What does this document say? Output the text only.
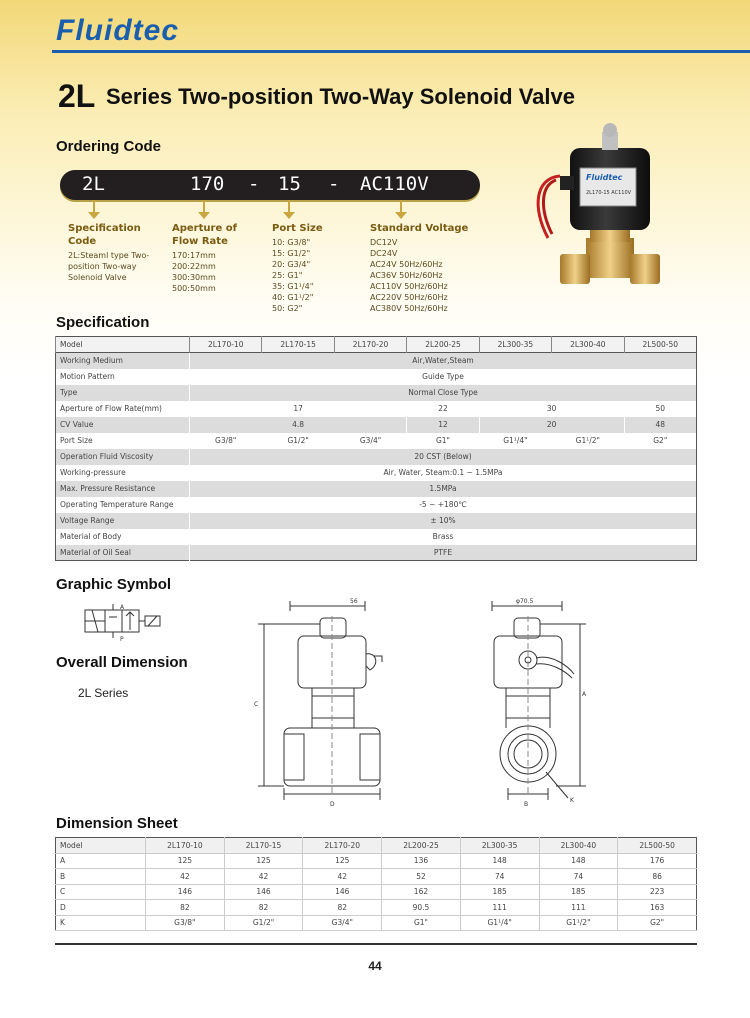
Fluidtec
2L Series Two-position Two-Way Solenoid Valve
Ordering Code
2L	170 - 15 - AC110V
Specification Code
2L:Steaml type Two-
position Two-way
Solenoid Valve
Aperture of Flow Rate
170:17mm
200:22mm
300:30mm
500:50mm
Port Size
10: G3/8"
15: G1/2"
20: G3/4"
25: G1"
35: G1¹/4"
40: G1¹/2"
50: G2"
Standard Voltage
DC12V
DC24V
AC24V 50Hz/60Hz
AC36V 50Hz/60Hz
AC110V 50Hz/60Hz
AC220V 50Hz/60Hz
AC380V 50Hz/60Hz
Fluidtec
2L170-15 AC110V
Specification
Model	2L170-10	2L170-15	2L170-20	2L200-25	2L300-35	2L300-40	2L500-50
Working Medium	Air,Water,Steam						
Motion Pattern	Guide Type						
Type	Normal Close Type						
Aperture of Flow Rate(mm)	17			22	30		50
CV Value	4.8			12	20		48
Port Size	G3/8"	G1/2"	G3/4"	G1"	G1¹/4"	G1¹/2"	G2"
Operation Fluid Viscosity	20 CST (Below)						
Working-pressure	Air, Water, Steam:0.1 ~ 1.5MPa						
Max. Pressure Resistance	1.5MPa						
Operating Temperature Range	-5 ~ +180℃						
Voltage Range	± 10%						
Material of Body	Brass						
Material of Oil Seal	PTFE						
Graphic Symbol
A
P
Overall Dimension
2L Series
56
C
D
φ70.5
A
B
K
Dimension Sheet
Model	2L170-10	2L170-15	2L170-20	2L200-25	2L300-35	2L300-40	2L500-50
A	125	125	125	136	148	148	176
B	42	42	42	52	74	74	86
C	146	146	146	162	185	185	223
D	82	82	82	90.5	111	111	163
K	G3/8"	G1/2"	G3/4"	G1"	G1¹/4"	G1¹/2"	G2"
44
